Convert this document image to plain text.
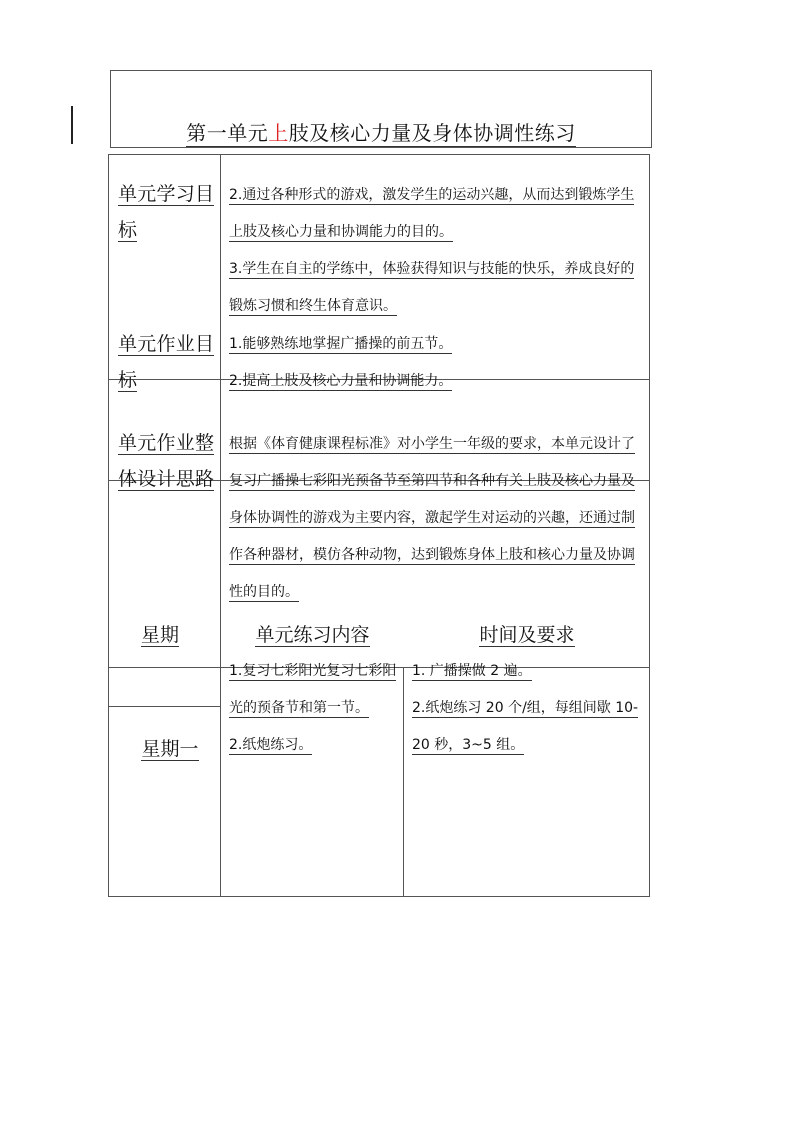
第一单元上肢及核心力量及身体协调性练习
单元学习目标
2.通过各种形式的游戏，激发学生的运动兴趣，从而达到锻炼学生上肢及核心力量和协调能力的目的。
3.学生在自主的学练中，体验获得知识与技能的快乐，养成良好的锻炼习惯和终生体育意识。
单元作业目标
1.能够熟练地掌握广播操的前五节。
2.提高上肢及核心力量和协调能力。
单元作业整体设计思路
根据《体育健康课程标准》对小学生一年级的要求，本单元设计了复习广播操七彩阳光预备节至第四节和各种有关上肢及核心力量及身体协调性的游戏为主要内容，激起学生对运动的兴趣，还通过制作各种器材，模仿各种动物，达到锻炼身体上肢和核心力量及协调性的目的。
星期	单元练习内容	时间及要求
星期一
1.复习七彩阳光复习七彩阳光的预备节和第一节。
2.纸炮练习。
1. 广播操做 2 遍。
2.纸炮练习 20 个/组，每组间歇 10-20 秒，3~5 组。
